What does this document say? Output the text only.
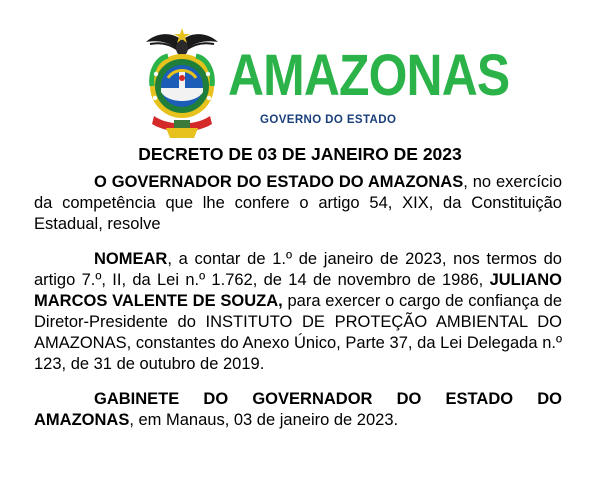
AMAZONAS
GOVERNO DO ESTADO
DECRETO DE 03 DE JANEIRO DE 2023

O GOVERNADOR DO ESTADO DO AMAZONAS, no exercício da competência que lhe confere o artigo 54, XIX, da Constituição Estadual, resolve

NOMEAR, a contar de 1.º de janeiro de 2023, nos termos do artigo 7.º, II, da Lei n.º 1.762, de 14 de novembro de 1986, JULIANO MARCOS VALENTE DE SOUZA, para exercer o cargo de confiança de Diretor-Presidente do INSTITUTO DE PROTEÇÃO AMBIENTAL DO AMAZONAS, constantes do Anexo Único, Parte 37, da Lei Delegada n.º 123, de 31 de outubro de 2019.

GABINETE DO GOVERNADOR DO ESTADO DO AMAZONAS, em Manaus, 03 de janeiro de 2023.
